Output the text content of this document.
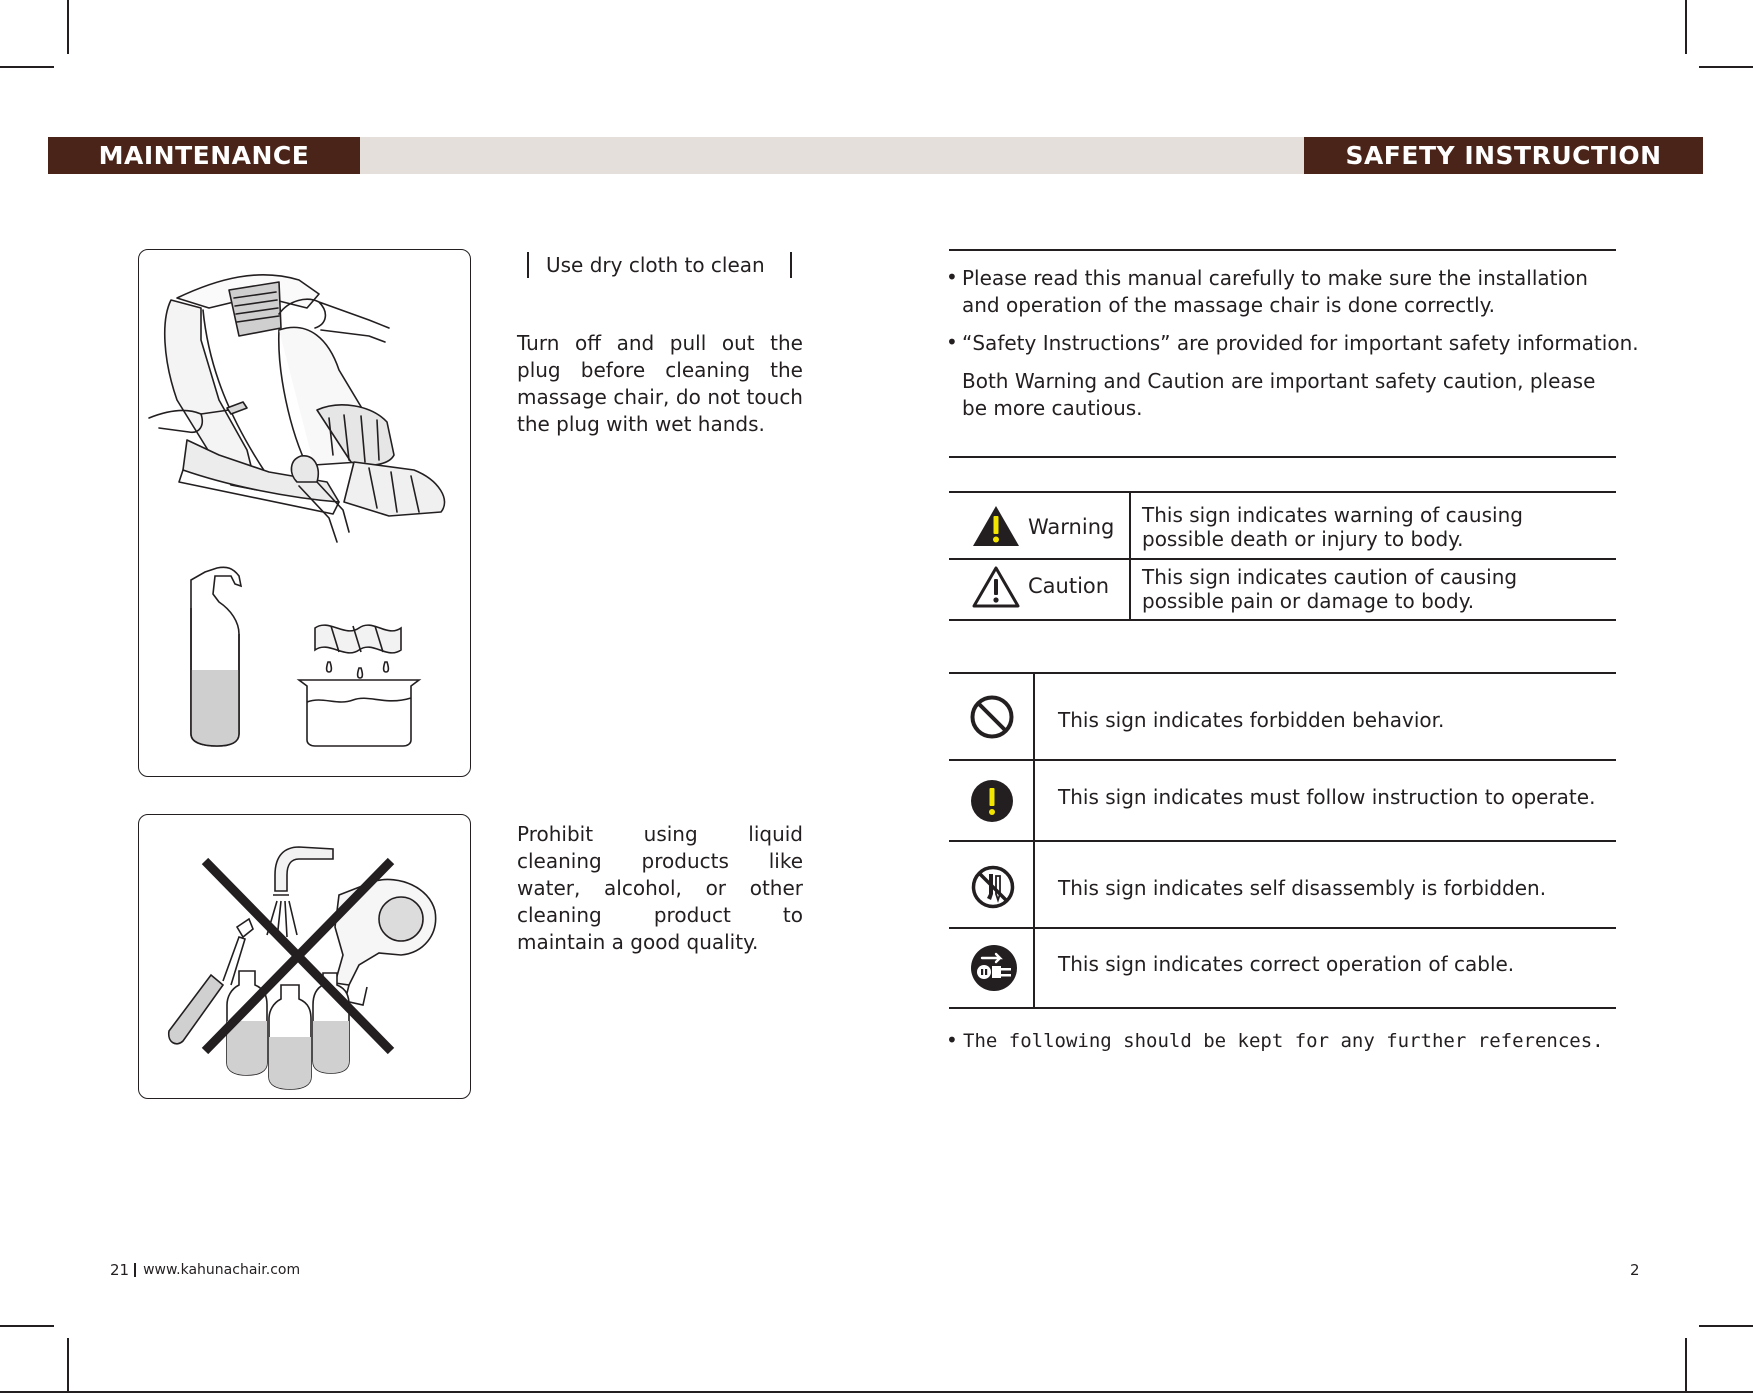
MAINTENANCE	SAFETY INSTRUCTION
Use dry cloth to clean
Turn off and pull out the plug before cleaning the massage chair, do not touch the plug with wet hands.
Prohibit using liquid cleaning products like water, alcohol, or other cleaning product to maintain a good quality.
• Please read this manual carefully to make sure the installation and operation of the massage chair is done correctly.
• “Safety Instructions” are provided for important safety information.
Both Warning and Caution are important safety caution, please be more cautious.
Warning This sign indicates warning of causing possible death or injury to body.
Caution This sign indicates caution of causing possible pain or damage to body.
This sign indicates forbidden behavior.
This sign indicates must follow instruction to operate.
This sign indicates self disassembly is forbidden.
This sign indicates correct operation of cable.
• The following should be kept for any further references.
21 www.kahunachair.com	2
